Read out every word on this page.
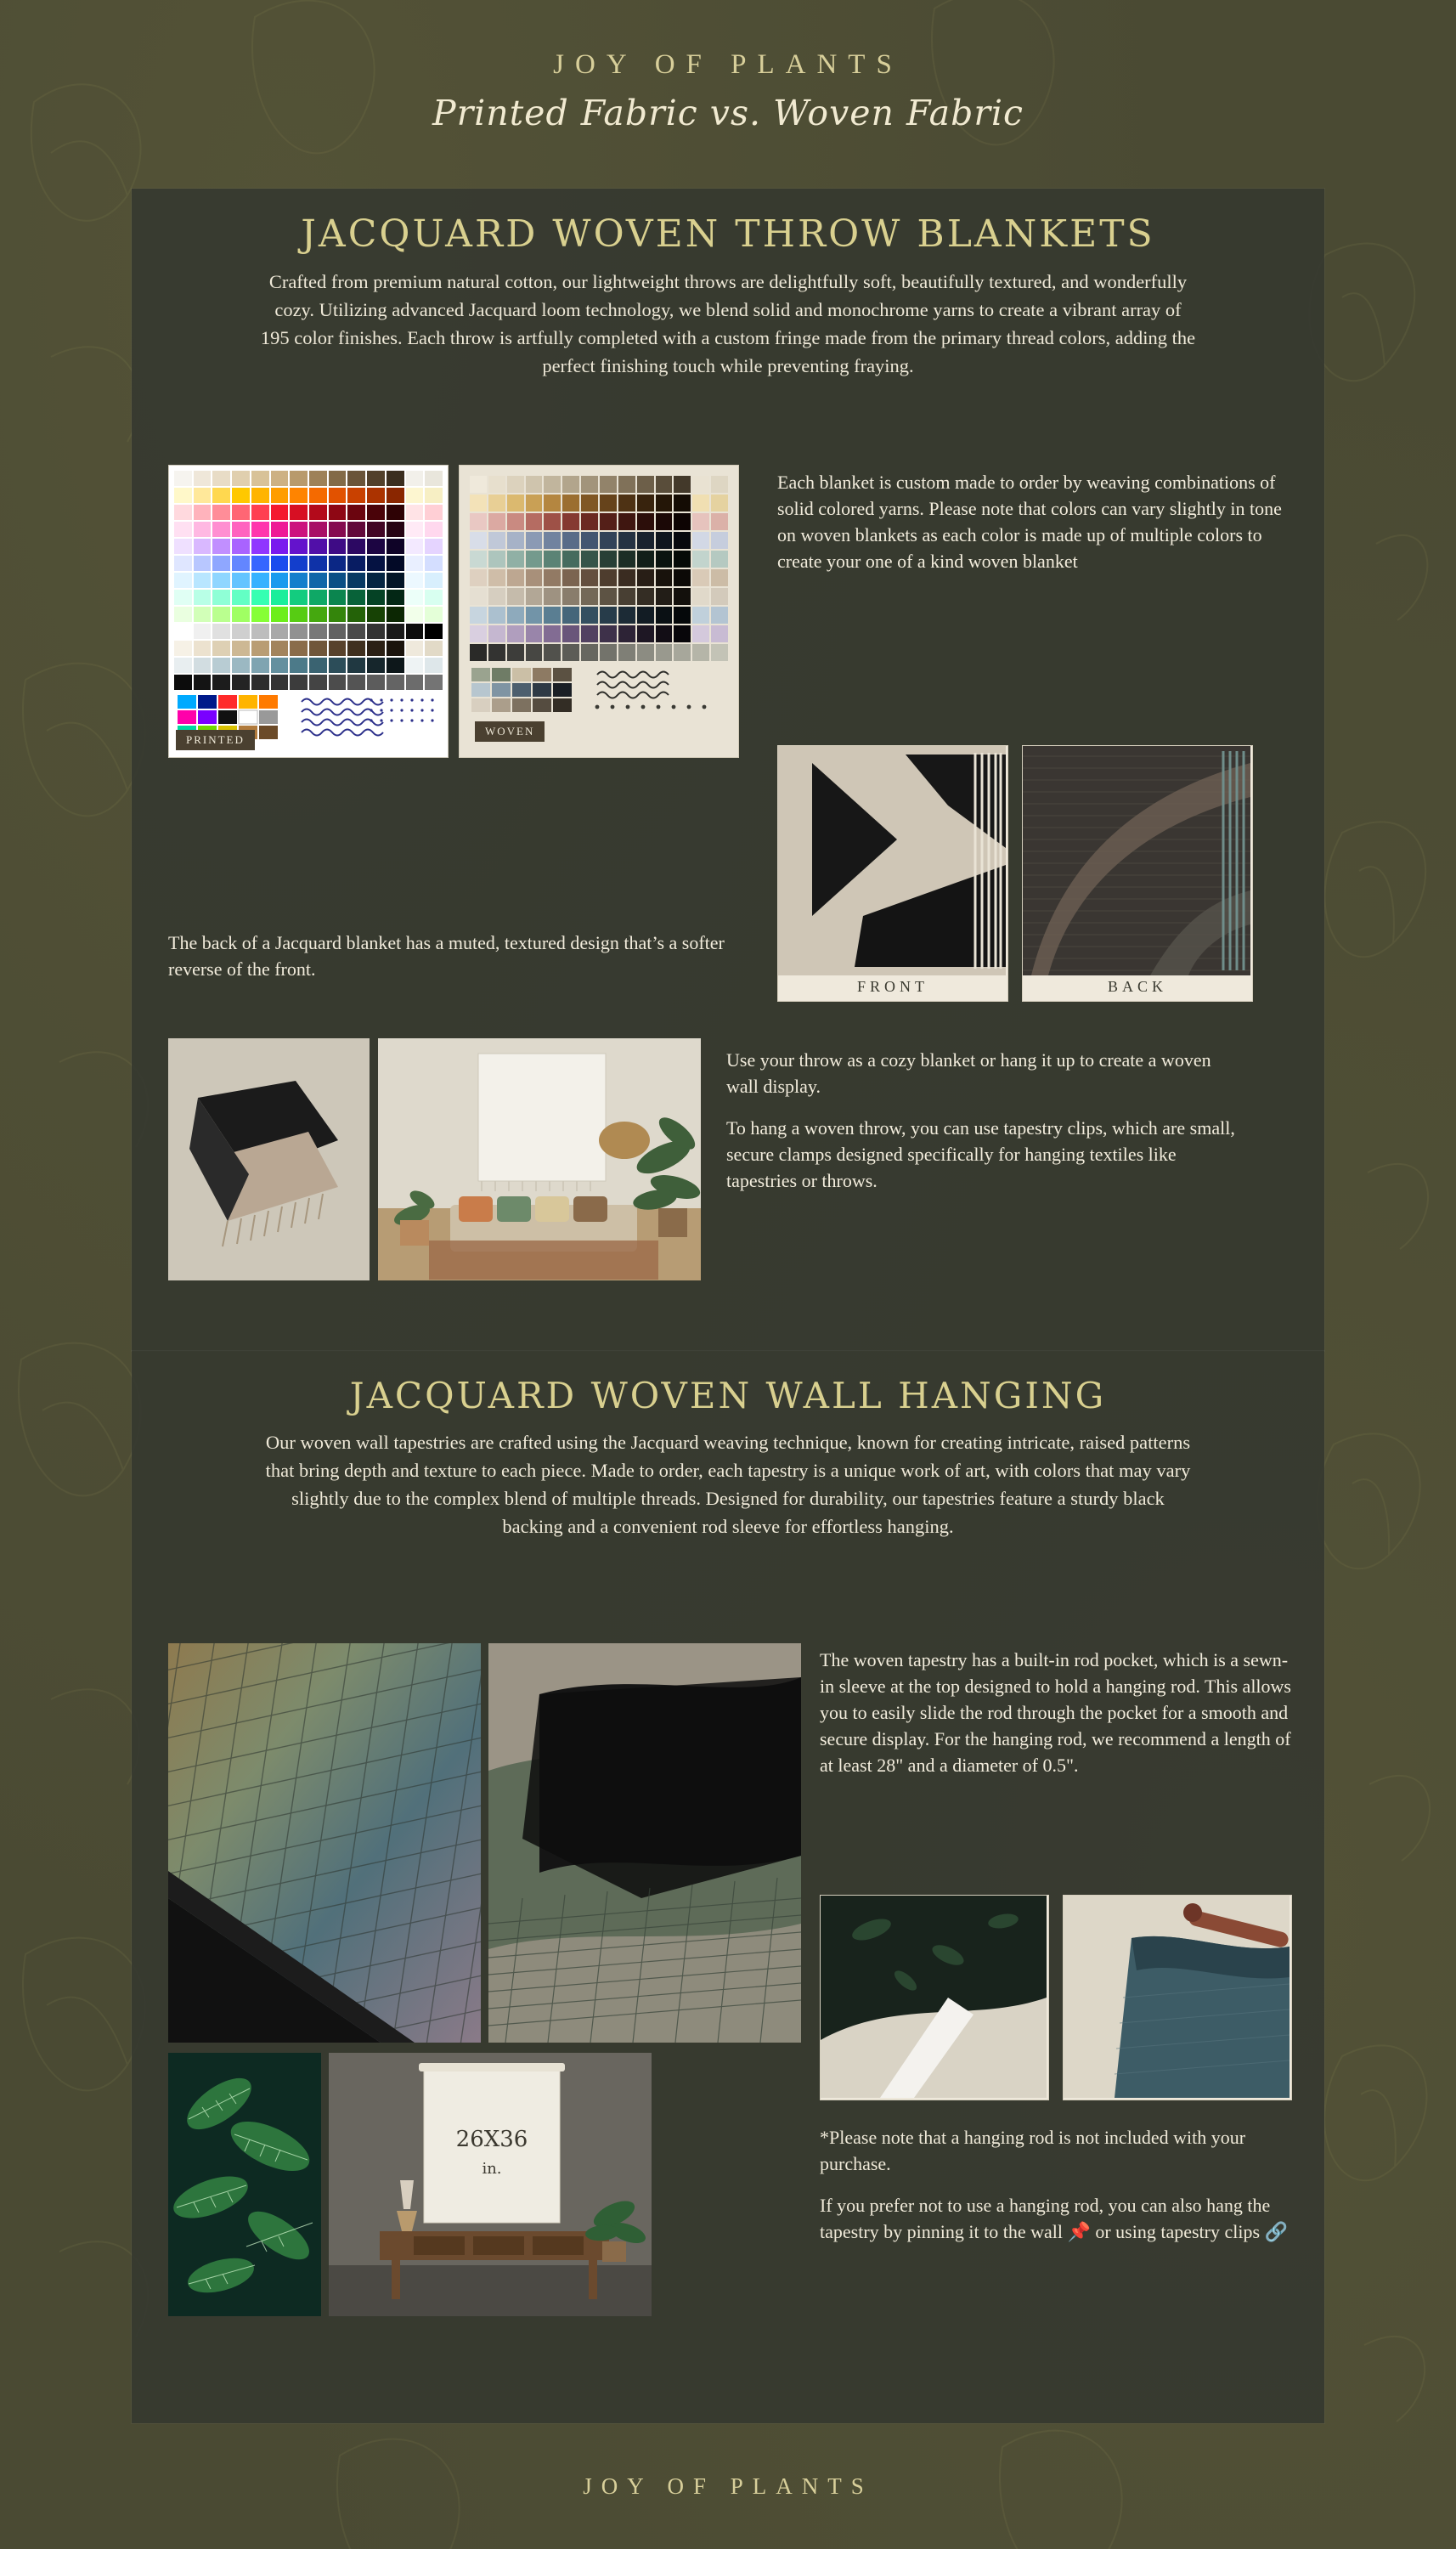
JOY OF PLANTS
Printed Fabric vs. Woven Fabric
JACQUARD WOVEN THROW BLANKETS
Crafted from premium natural cotton, our lightweight throws are delightfully soft, beautifully textured, and wonderfully cozy. Utilizing advanced Jacquard loom technology, we blend solid and monochrome yarns to create a vibrant array of 195 color finishes. Each throw is artfully completed with a custom fringe made from the primary thread colors, adding the perfect finishing touch while preventing fraying.
PRINTED
WOVEN
Each blanket is custom made to order by weaving combinations of solid colored yarns. Please note that colors can vary slightly in tone on woven blankets as each color is made up of multiple colors to create your one of a kind woven blanket
FRONT	BACK
The back of a Jacquard blanket has a muted, textured design that’s a softer reverse of the front.
Use your throw as a cozy blanket or hang it up to create a woven wall display.
To hang a woven throw, you can use tapestry clips, which are small, secure clamps designed specifically for hanging textiles like tapestries or throws.
JACQUARD WOVEN WALL HANGING
Our woven wall tapestries are crafted using the Jacquard weaving technique, known for creating intricate, raised patterns that bring depth and texture to each piece. Made to order, each tapestry is a unique work of art, with colors that may vary slightly due to the complex blend of multiple threads. Designed for durability, our tapestries feature a sturdy black backing and a convenient rod sleeve for effortless hanging.
The woven tapestry has a built-in rod pocket, which is a sewn-in sleeve at the top designed to hold a hanging rod. This allows you to easily slide the rod through the pocket for a smooth and secure display. For the hanging rod, we recommend a length of at least 28" and a diameter of 0.5".
26X36
in.
*Please note that a hanging rod is not included with your purchase.
If you prefer not to use a hanging rod, you can also hang the tapestry by pinning it to the wall 📌 or using tapestry clips 🔗
JOY OF PLANTS
